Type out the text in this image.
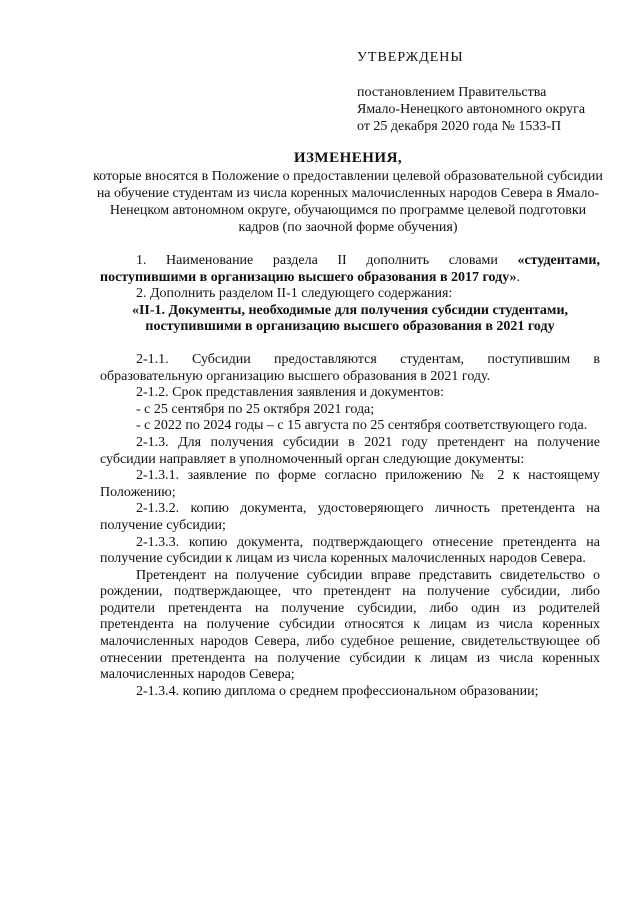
УТВЕРЖДЕНЫ
постановлением Правительства
Ямало-Ненецкого автономного округа
от 25 декабря 2020 года № 1533-П
ИЗМЕНЕНИЯ,
которые вносятся в Положение о предоставлении целевой образовательной субсидии на обучение студентам из числа коренных малочисленных народов Севера в Ямало-Ненецком автономном округе, обучающимся по программе целевой подготовки кадров (по заочной форме обучения)

1. Наименование раздела II дополнить словами «студентами, поступившими в организацию высшего образования в 2017 году».

2. Дополнить разделом II-1 следующего содержания:

«II-1. Документы, необходимые для получения субсидии студентами, поступившими в организацию высшего образования в 2021 году

2-1.1. Субсидии предоставляются студентам, поступившим в образовательную организацию высшего образования в 2021 году.

2-1.2. Срок представления заявления и документов:

- с 25 сентября по 25 октября 2021 года;

- с 2022 по 2024 годы – с 15 августа по 25 сентября соответствующего года.

2-1.3. Для получения субсидии в 2021 году претендент на получение субсидии направляет в уполномоченный орган следующие документы:

2-1.3.1. заявление по форме согласно приложению № 2 к настоящему Положению;

2-1.3.2. копию документа, удостоверяющего личность претендента на получение субсидии;

2-1.3.3. копию документа, подтверждающего отнесение претендента на получение субсидии к лицам из числа коренных малочисленных народов Севера.

Претендент на получение субсидии вправе представить свидетельство о рождении, подтверждающее, что претендент на получение субсидии, либо родители претендента на получение субсидии, либо один из родителей претендента на получение субсидии относятся к лицам из числа коренных малочисленных народов Севера, либо судебное решение, свидетельствующее об отнесении претендента на получение субсидии к лицам из числа коренных малочисленных народов Севера;

2-1.3.4. копию диплома о среднем профессиональном образовании;
